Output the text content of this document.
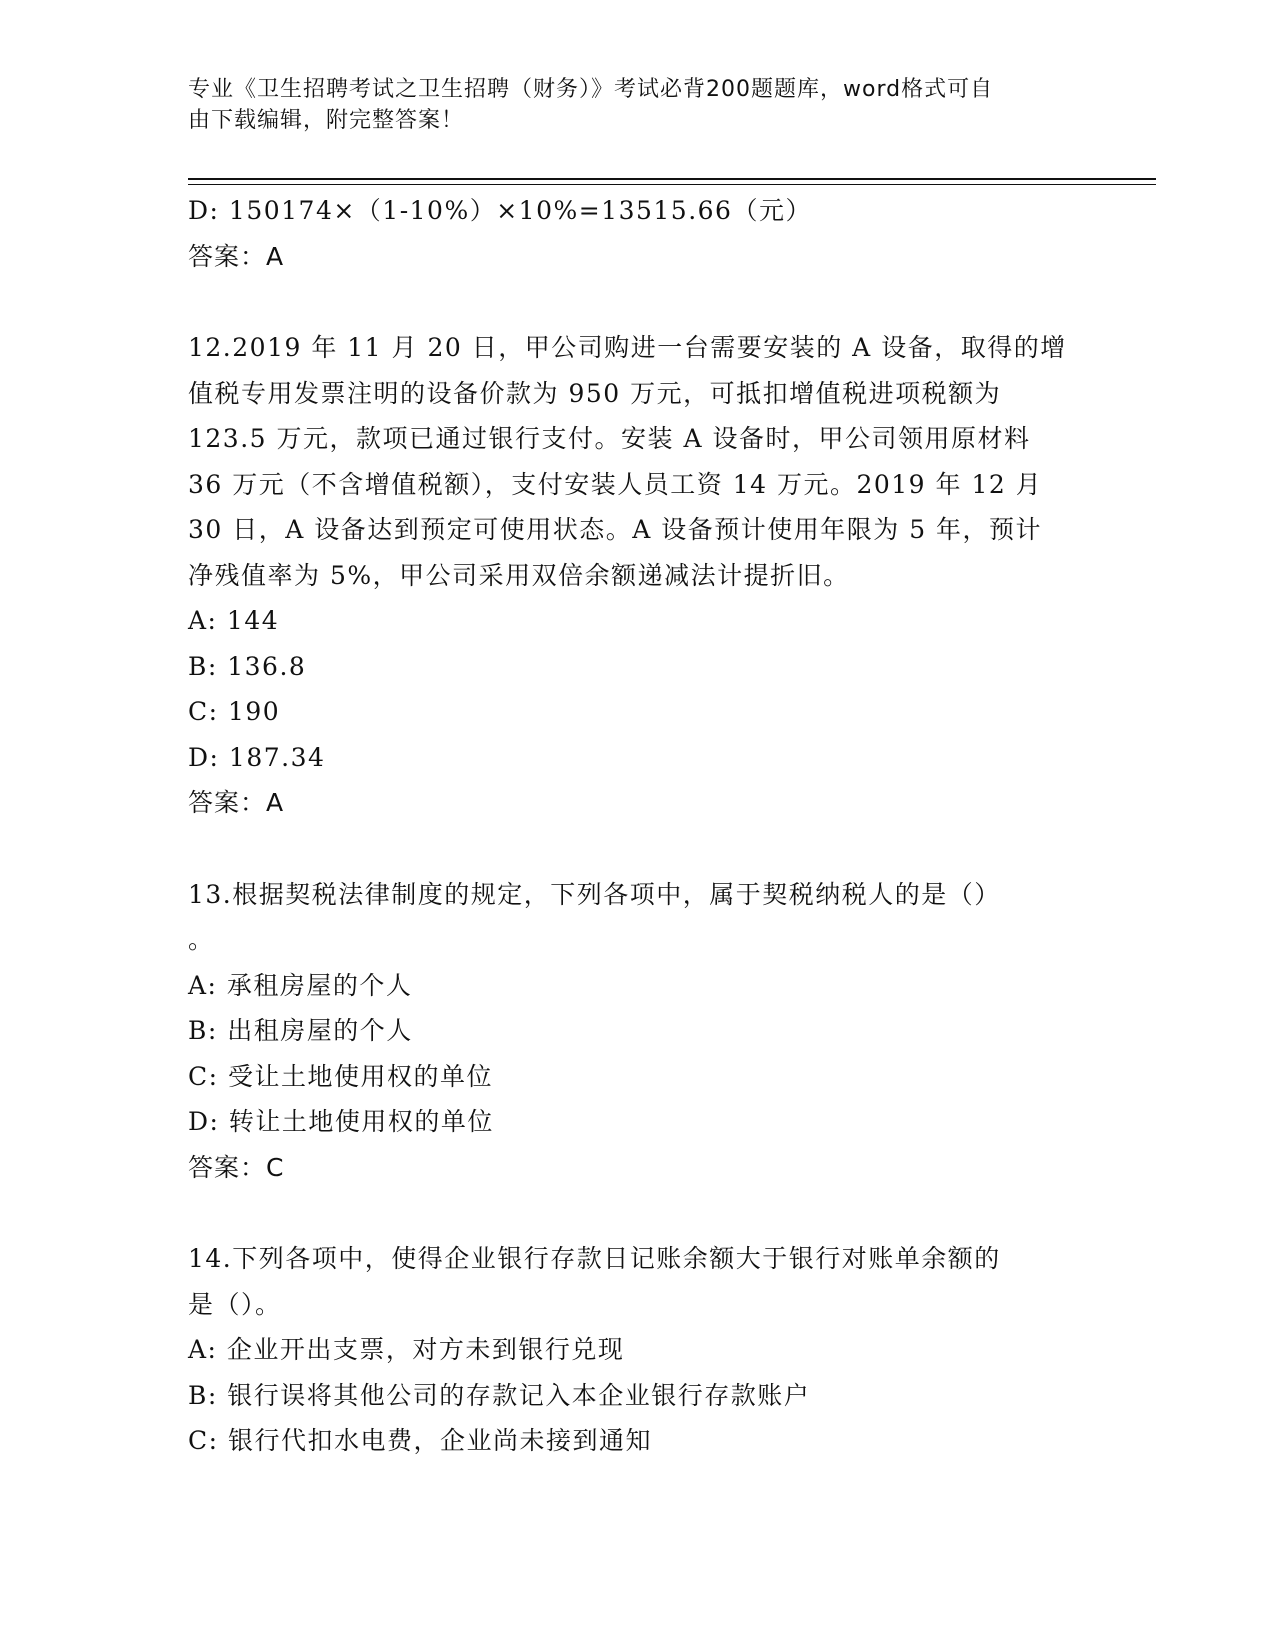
专业《卫生招聘考试之卫生招聘（财务）》考试必背200题题库，word格式可自
由下载编辑，附完整答案！
D: 150174×（1-10%）×10%=13515.66（元）
答案：A
12.2019 年 11 月 20 日，甲公司购进一台需要安装的 A 设备，取得的增
值税专用发票注明的设备价款为 950 万元，可抵扣增值税进项税额为
123.5 万元，款项已通过银行支付。安装 A 设备时，甲公司领用原材料
36 万元（不含增值税额），支付安装人员工资 14 万元。2019 年 12 月
30 日，A 设备达到预定可使用状态。A 设备预计使用年限为 5 年，预计
净残值率为 5%，甲公司采用双倍余额递减法计提折旧。
A: 144
B: 136.8
C: 190
D: 187.34
答案：A
13.根据契税法律制度的规定，下列各项中，属于契税纳税人的是（）
。
A: 承租房屋的个人
B: 出租房屋的个人
C: 受让土地使用权的单位
D: 转让土地使用权的单位
答案：C
14.下列各项中，使得企业银行存款日记账余额大于银行对账单余额的
是（）。
A: 企业开出支票，对方未到银行兑现
B: 银行误将其他公司的存款记入本企业银行存款账户
C: 银行代扣水电费，企业尚未接到通知
